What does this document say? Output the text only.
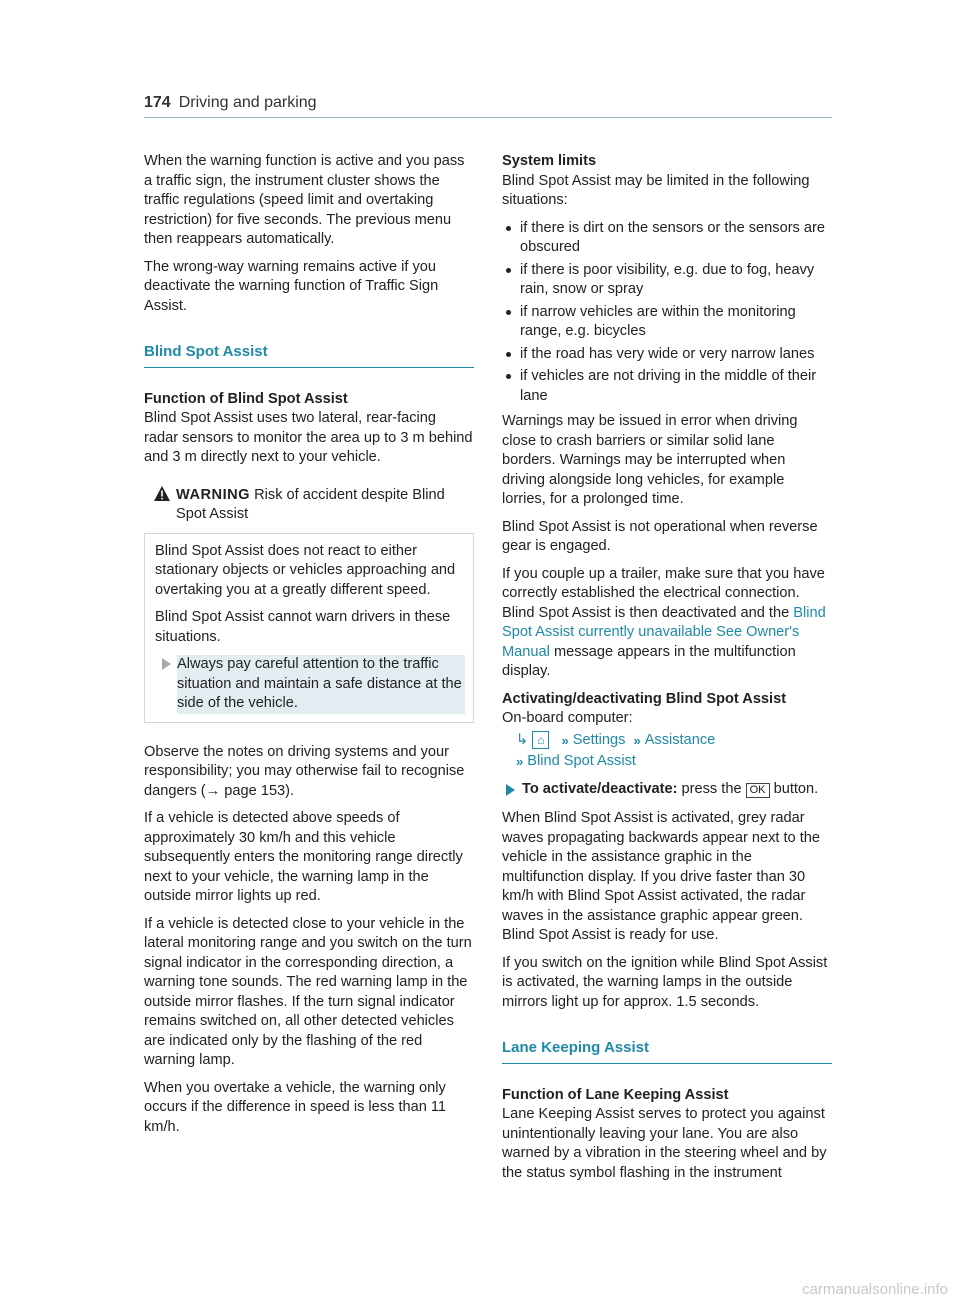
174 Driving and parking

When the warning function is active and you pass a traffic sign, the instrument cluster shows the traffic regulations (speed limit and overtaking restriction) for five seconds. The previous menu then reappears automatically.

The wrong-way warning remains active if you deactivate the warning function of Traffic Sign Assist.

Blind Spot Assist

Function of Blind Spot Assist

Blind Spot Assist uses two lateral, rear-facing radar sensors to monitor the area up to 3 m behind and 3 m directly next to your vehicle.

WARNING Risk of accident despite Blind Spot Assist

Blind Spot Assist does not react to either stationary objects or vehicles approaching and overtaking you at a greatly different speed.

Blind Spot Assist cannot warn drivers in these situations.

Always pay careful attention to the traffic situation and maintain a safe distance at the side of the vehicle.

Observe the notes on driving systems and your responsibility; you may otherwise fail to recognise dangers (→ page 153).

If a vehicle is detected above speeds of approximately 30 km/h and this vehicle subsequently enters the monitoring range directly next to your vehicle, the warning lamp in the outside mirror lights up red.

If a vehicle is detected close to your vehicle in the lateral monitoring range and you switch on the turn signal indicator in the corresponding direction, a warning tone sounds. The red warning lamp in the outside mirror flashes. If the turn signal indicator remains switched on, all other detected vehicles are indicated only by the flashing of the red warning lamp.

When you overtake a vehicle, the warning only occurs if the difference in speed is less than 11 km/h.

System limits

Blind Spot Assist may be limited in the following situations:

if there is dirt on the sensors or the sensors are obscured
if there is poor visibility, e.g. due to fog, heavy rain, snow or spray
if narrow vehicles are within the monitoring range, e.g. bicycles
if the road has very wide or very narrow lanes
if vehicles are not driving in the middle of their lane

Warnings may be issued in error when driving close to crash barriers or similar solid lane borders. Warnings may be interrupted when driving alongside long vehicles, for example lorries, for a prolonged time.

Blind Spot Assist is not operational when reverse gear is engaged.

If you couple up a trailer, make sure that you have correctly established the electrical connection. Blind Spot Assist is then deactivated and the Blind Spot Assist currently unavailable See Owner's Manual message appears in the multifunction display.

Activating/deactivating Blind Spot Assist

On-board computer:

↳ ⌂	» Settings » Assistance
» Blind Spot Assist
To activate/deactivate: press the OK button.

When Blind Spot Assist is activated, grey radar waves propagating backwards appear next to the vehicle in the assistance graphic in the multifunction display. If you drive faster than 30 km/h with Blind Spot Assist activated, the radar waves in the assistance graphic appear green. Blind Spot Assist is ready for use.

If you switch on the ignition while Blind Spot Assist is activated, the warning lamps in the outside mirrors light up for approx. 1.5 seconds.

Lane Keeping Assist

Function of Lane Keeping Assist

Lane Keeping Assist serves to protect you against unintentionally leaving your lane. You are also warned by a vibration in the steering wheel and by the status symbol flashing in the instrument

carmanualsonline.info
